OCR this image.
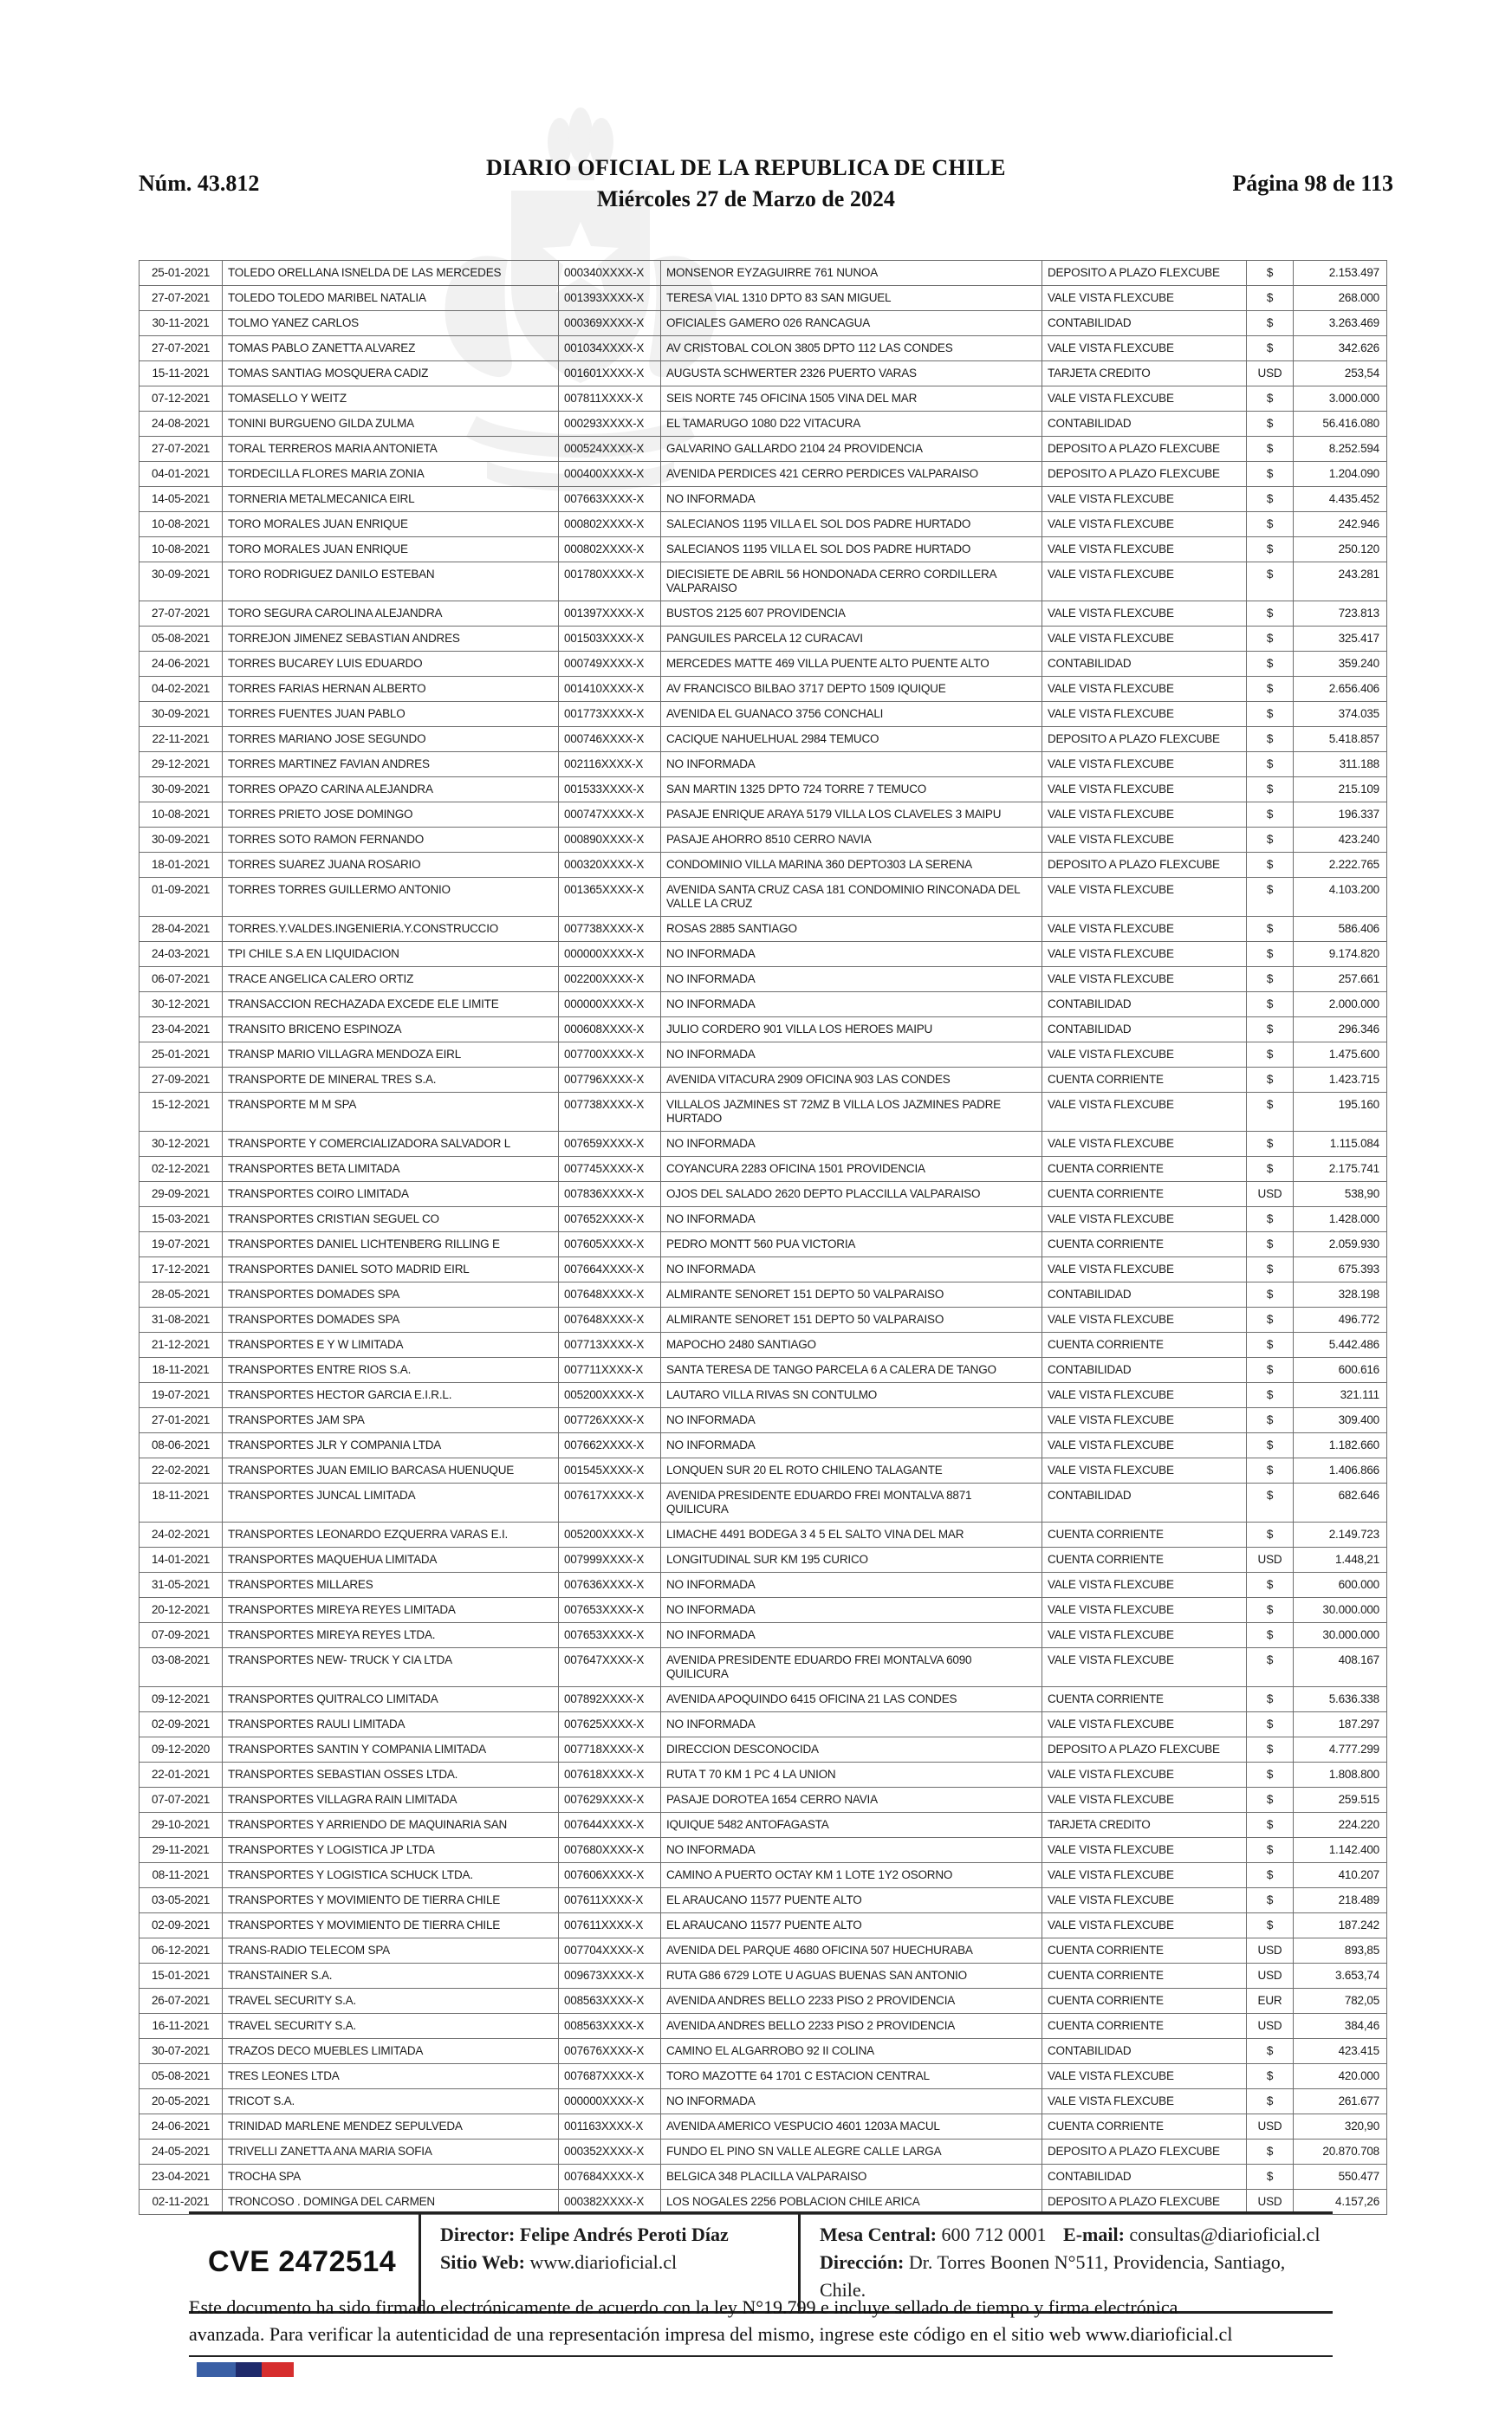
Núm. 43.812
DIARIO OFICIAL DE LA REPUBLICA DE CHILE
Miércoles 27 de Marzo de 2024
Página 98 de 113
25-01-2021	TOLEDO ORELLANA ISNELDA DE LAS MERCEDES	000340XXXX-X	MONSENOR EYZAGUIRRE 761 NUNOA	DEPOSITO A PLAZO FLEXCUBE	$	2.153.497
27-07-2021	TOLEDO TOLEDO MARIBEL NATALIA	001393XXXX-X	TERESA VIAL 1310 DPTO 83 SAN MIGUEL	VALE VISTA FLEXCUBE	$	268.000
30-11-2021	TOLMO YANEZ CARLOS	000369XXXX-X	OFICIALES GAMERO 026 RANCAGUA	CONTABILIDAD	$	3.263.469
27-07-2021	TOMAS PABLO ZANETTA ALVAREZ	001034XXXX-X	AV CRISTOBAL COLON 3805 DPTO 112 LAS CONDES	VALE VISTA FLEXCUBE	$	342.626
15-11-2021	TOMAS SANTIAG MOSQUERA CADIZ	001601XXXX-X	AUGUSTA SCHWERTER 2326 PUERTO VARAS	TARJETA CREDITO	USD	253,54
07-12-2021	TOMASELLO Y WEITZ	007811XXXX-X	SEIS NORTE 745 OFICINA 1505 VINA DEL MAR	VALE VISTA FLEXCUBE	$	3.000.000
24-08-2021	TONINI BURGUENO GILDA ZULMA	000293XXXX-X	EL TAMARUGO 1080 D22 VITACURA	CONTABILIDAD	$	56.416.080
27-07-2021	TORAL TERREROS MARIA ANTONIETA	000524XXXX-X	GALVARINO GALLARDO 2104 24 PROVIDENCIA	DEPOSITO A PLAZO FLEXCUBE	$	8.252.594
04-01-2021	TORDECILLA FLORES MARIA ZONIA	000400XXXX-X	AVENIDA PERDICES 421 CERRO PERDICES VALPARAISO	DEPOSITO A PLAZO FLEXCUBE	$	1.204.090
14-05-2021	TORNERIA METALMECANICA EIRL	007663XXXX-X	NO INFORMADA	VALE VISTA FLEXCUBE	$	4.435.452
10-08-2021	TORO MORALES JUAN ENRIQUE	000802XXXX-X	SALECIANOS 1195 VILLA EL SOL DOS PADRE HURTADO	VALE VISTA FLEXCUBE	$	242.946
10-08-2021	TORO MORALES JUAN ENRIQUE	000802XXXX-X	SALECIANOS 1195 VILLA EL SOL DOS PADRE HURTADO	VALE VISTA FLEXCUBE	$	250.120
30-09-2021	TORO RODRIGUEZ DANILO ESTEBAN	001780XXXX-X	DIECISIETE DE ABRIL 56 HONDONADA CERRO CORDILLERA VALPARAISO	VALE VISTA FLEXCUBE	$	243.281
27-07-2021	TORO SEGURA CAROLINA ALEJANDRA	001397XXXX-X	BUSTOS 2125 607 PROVIDENCIA	VALE VISTA FLEXCUBE	$	723.813
05-08-2021	TORREJON JIMENEZ SEBASTIAN ANDRES	001503XXXX-X	PANGUILES PARCELA 12 CURACAVI	VALE VISTA FLEXCUBE	$	325.417
24-06-2021	TORRES BUCAREY LUIS EDUARDO	000749XXXX-X	MERCEDES MATTE 469 VILLA PUENTE ALTO PUENTE ALTO	CONTABILIDAD	$	359.240
04-02-2021	TORRES FARIAS HERNAN ALBERTO	001410XXXX-X	AV FRANCISCO BILBAO 3717 DEPTO 1509 IQUIQUE	VALE VISTA FLEXCUBE	$	2.656.406
30-09-2021	TORRES FUENTES JUAN PABLO	001773XXXX-X	AVENIDA EL GUANACO 3756 CONCHALI	VALE VISTA FLEXCUBE	$	374.035
22-11-2021	TORRES MARIANO JOSE SEGUNDO	000746XXXX-X	CACIQUE NAHUELHUAL 2984 TEMUCO	DEPOSITO A PLAZO FLEXCUBE	$	5.418.857
29-12-2021	TORRES MARTINEZ FAVIAN ANDRES	002116XXXX-X	NO INFORMADA	VALE VISTA FLEXCUBE	$	311.188
30-09-2021	TORRES OPAZO CARINA ALEJANDRA	001533XXXX-X	SAN MARTIN 1325 DPTO 724 TORRE 7 TEMUCO	VALE VISTA FLEXCUBE	$	215.109
10-08-2021	TORRES PRIETO JOSE DOMINGO	000747XXXX-X	PASAJE ENRIQUE ARAYA 5179 VILLA LOS CLAVELES 3 MAIPU	VALE VISTA FLEXCUBE	$	196.337
30-09-2021	TORRES SOTO RAMON FERNANDO	000890XXXX-X	PASAJE AHORRO 8510 CERRO NAVIA	VALE VISTA FLEXCUBE	$	423.240
18-01-2021	TORRES SUAREZ JUANA ROSARIO	000320XXXX-X	CONDOMINIO VILLA MARINA 360 DEPTO303 LA SERENA	DEPOSITO A PLAZO FLEXCUBE	$	2.222.765
01-09-2021	TORRES TORRES GUILLERMO ANTONIO	001365XXXX-X	AVENIDA SANTA CRUZ CASA 181 CONDOMINIO RINCONADA DEL VALLE LA CRUZ	VALE VISTA FLEXCUBE	$	4.103.200
28-04-2021	TORRES.Y.VALDES.INGENIERIA.Y.CONSTRUCCIO	007738XXXX-X	ROSAS 2885 SANTIAGO	VALE VISTA FLEXCUBE	$	586.406
24-03-2021	TPI CHILE S.A EN LIQUIDACION	000000XXXX-X	NO INFORMADA	VALE VISTA FLEXCUBE	$	9.174.820
06-07-2021	TRACE ANGELICA CALERO ORTIZ	002200XXXX-X	NO INFORMADA	VALE VISTA FLEXCUBE	$	257.661
30-12-2021	TRANSACCION RECHAZADA EXCEDE ELE LIMITE	000000XXXX-X	NO INFORMADA	CONTABILIDAD	$	2.000.000
23-04-2021	TRANSITO BRICENO ESPINOZA	000608XXXX-X	JULIO CORDERO 901 VILLA LOS HEROES MAIPU	CONTABILIDAD	$	296.346
25-01-2021	TRANSP MARIO VILLAGRA MENDOZA EIRL	007700XXXX-X	NO INFORMADA	VALE VISTA FLEXCUBE	$	1.475.600
27-09-2021	TRANSPORTE DE MINERAL TRES S.A.	007796XXXX-X	AVENIDA VITACURA 2909 OFICINA 903 LAS CONDES	CUENTA CORRIENTE	$	1.423.715
15-12-2021	TRANSPORTE M M SPA	007738XXXX-X	VILLALOS JAZMINES ST 72MZ B VILLA LOS JAZMINES PADRE HURTADO	VALE VISTA FLEXCUBE	$	195.160
30-12-2021	TRANSPORTE Y COMERCIALIZADORA SALVADOR L	007659XXXX-X	NO INFORMADA	VALE VISTA FLEXCUBE	$	1.115.084
02-12-2021	TRANSPORTES BETA LIMITADA	007745XXXX-X	COYANCURA 2283 OFICINA 1501 PROVIDENCIA	CUENTA CORRIENTE	$	2.175.741
29-09-2021	TRANSPORTES COIRO LIMITADA	007836XXXX-X	OJOS DEL SALADO 2620 DEPTO PLACCILLA VALPARAISO	CUENTA CORRIENTE	USD	538,90
15-03-2021	TRANSPORTES CRISTIAN SEGUEL CO	007652XXXX-X	NO INFORMADA	VALE VISTA FLEXCUBE	$	1.428.000
19-07-2021	TRANSPORTES DANIEL LICHTENBERG RILLING E	007605XXXX-X	PEDRO MONTT 560 PUA VICTORIA	CUENTA CORRIENTE	$	2.059.930
17-12-2021	TRANSPORTES DANIEL SOTO MADRID EIRL	007664XXXX-X	NO INFORMADA	VALE VISTA FLEXCUBE	$	675.393
28-05-2021	TRANSPORTES DOMADES SPA	007648XXXX-X	ALMIRANTE SENORET 151 DEPTO 50 VALPARAISO	CONTABILIDAD	$	328.198
31-08-2021	TRANSPORTES DOMADES SPA	007648XXXX-X	ALMIRANTE SENORET 151 DEPTO 50 VALPARAISO	VALE VISTA FLEXCUBE	$	496.772
21-12-2021	TRANSPORTES E Y W LIMITADA	007713XXXX-X	MAPOCHO 2480 SANTIAGO	CUENTA CORRIENTE	$	5.442.486
18-11-2021	TRANSPORTES ENTRE RIOS S.A.	007711XXXX-X	SANTA TERESA DE TANGO PARCELA 6 A CALERA DE TANGO	CONTABILIDAD	$	600.616
19-07-2021	TRANSPORTES HECTOR GARCIA E.I.R.L.	005200XXXX-X	LAUTARO VILLA RIVAS SN CONTULMO	VALE VISTA FLEXCUBE	$	321.111
27-01-2021	TRANSPORTES JAM SPA	007726XXXX-X	NO INFORMADA	VALE VISTA FLEXCUBE	$	309.400
08-06-2021	TRANSPORTES JLR Y COMPANIA LTDA	007662XXXX-X	NO INFORMADA	VALE VISTA FLEXCUBE	$	1.182.660
22-02-2021	TRANSPORTES JUAN EMILIO BARCASA HUENUQUE	001545XXXX-X	LONQUEN SUR 20 EL ROTO CHILENO TALAGANTE	VALE VISTA FLEXCUBE	$	1.406.866
18-11-2021	TRANSPORTES JUNCAL LIMITADA	007617XXXX-X	AVENIDA PRESIDENTE EDUARDO FREI MONTALVA 8871 QUILICURA	CONTABILIDAD	$	682.646
24-02-2021	TRANSPORTES LEONARDO EZQUERRA VARAS E.I.	005200XXXX-X	LIMACHE 4491 BODEGA 3 4 5 EL SALTO VINA DEL MAR	CUENTA CORRIENTE	$	2.149.723
14-01-2021	TRANSPORTES MAQUEHUA LIMITADA	007999XXXX-X	LONGITUDINAL SUR KM 195 CURICO	CUENTA CORRIENTE	USD	1.448,21
31-05-2021	TRANSPORTES MILLARES	007636XXXX-X	NO INFORMADA	VALE VISTA FLEXCUBE	$	600.000
20-12-2021	TRANSPORTES MIREYA REYES LIMITADA	007653XXXX-X	NO INFORMADA	VALE VISTA FLEXCUBE	$	30.000.000
07-09-2021	TRANSPORTES MIREYA REYES LTDA.	007653XXXX-X	NO INFORMADA	VALE VISTA FLEXCUBE	$	30.000.000
03-08-2021	TRANSPORTES NEW- TRUCK Y CIA LTDA	007647XXXX-X	AVENIDA PRESIDENTE EDUARDO FREI MONTALVA 6090 QUILICURA	VALE VISTA FLEXCUBE	$	408.167
09-12-2021	TRANSPORTES QUITRALCO LIMITADA	007892XXXX-X	AVENIDA APOQUINDO 6415 OFICINA 21 LAS CONDES	CUENTA CORRIENTE	$	5.636.338
02-09-2021	TRANSPORTES RAULI LIMITADA	007625XXXX-X	NO INFORMADA	VALE VISTA FLEXCUBE	$	187.297
09-12-2020	TRANSPORTES SANTIN Y COMPANIA LIMITADA	007718XXXX-X	DIRECCION DESCONOCIDA	DEPOSITO A PLAZO FLEXCUBE	$	4.777.299
22-01-2021	TRANSPORTES SEBASTIAN OSSES LTDA.	007618XXXX-X	RUTA T 70 KM 1 PC 4 LA UNION	VALE VISTA FLEXCUBE	$	1.808.800
07-07-2021	TRANSPORTES VILLAGRA RAIN LIMITADA	007629XXXX-X	PASAJE DOROTEA 1654 CERRO NAVIA	VALE VISTA FLEXCUBE	$	259.515
29-10-2021	TRANSPORTES Y ARRIENDO DE MAQUINARIA SAN	007644XXXX-X	IQUIQUE 5482 ANTOFAGASTA	TARJETA CREDITO	$	224.220
29-11-2021	TRANSPORTES Y LOGISTICA JP LTDA	007680XXXX-X	NO INFORMADA	VALE VISTA FLEXCUBE	$	1.142.400
08-11-2021	TRANSPORTES Y LOGISTICA SCHUCK LTDA.	007606XXXX-X	CAMINO A PUERTO OCTAY KM 1 LOTE 1Y2 OSORNO	VALE VISTA FLEXCUBE	$	410.207
03-05-2021	TRANSPORTES Y MOVIMIENTO DE TIERRA CHILE	007611XXXX-X	EL ARAUCANO 11577 PUENTE ALTO	VALE VISTA FLEXCUBE	$	218.489
02-09-2021	TRANSPORTES Y MOVIMIENTO DE TIERRA CHILE	007611XXXX-X	EL ARAUCANO 11577 PUENTE ALTO	VALE VISTA FLEXCUBE	$	187.242
06-12-2021	TRANS-RADIO TELECOM SPA	007704XXXX-X	AVENIDA DEL PARQUE 4680 OFICINA 507 HUECHURABA	CUENTA CORRIENTE	USD	893,85
15-01-2021	TRANSTAINER S.A.	009673XXXX-X	RUTA G86 6729 LOTE U AGUAS BUENAS SAN ANTONIO	CUENTA CORRIENTE	USD	3.653,74
26-07-2021	TRAVEL SECURITY S.A.	008563XXXX-X	AVENIDA ANDRES BELLO 2233 PISO 2 PROVIDENCIA	CUENTA CORRIENTE	EUR	782,05
16-11-2021	TRAVEL SECURITY S.A.	008563XXXX-X	AVENIDA ANDRES BELLO 2233 PISO 2 PROVIDENCIA	CUENTA CORRIENTE	USD	384,46
30-07-2021	TRAZOS DECO MUEBLES LIMITADA	007676XXXX-X	CAMINO EL ALGARROBO 92 II COLINA	CONTABILIDAD	$	423.415
05-08-2021	TRES LEONES LTDA	007687XXXX-X	TORO MAZOTTE 64 1701 C ESTACION CENTRAL	VALE VISTA FLEXCUBE	$	420.000
20-05-2021	TRICOT S.A.	000000XXXX-X	NO INFORMADA	VALE VISTA FLEXCUBE	$	261.677
24-06-2021	TRINIDAD MARLENE MENDEZ SEPULVEDA	001163XXXX-X	AVENIDA AMERICO VESPUCIO 4601 1203A MACUL	CUENTA CORRIENTE	USD	320,90
24-05-2021	TRIVELLI ZANETTA ANA MARIA SOFIA	000352XXXX-X	FUNDO EL PINO SN VALLE ALEGRE CALLE LARGA	DEPOSITO A PLAZO FLEXCUBE	$	20.870.708
23-04-2021	TROCHA SPA	007684XXXX-X	BELGICA 348 PLACILLA VALPARAISO	CONTABILIDAD	$	550.477
02-11-2021	TRONCOSO . DOMINGA DEL CARMEN	000382XXXX-X	LOS NOGALES 2256 POBLACION CHILE ARICA	DEPOSITO A PLAZO FLEXCUBE	USD	4.157,26
CVE 2472514
Director: Felipe Andrés Peroti Díaz
Sitio Web: www.diarioficial.cl
Mesa Central: 600 712 0001 E-mail: consultas@diarioficial.cl
Dirección: Dr. Torres Boonen N°511, Providencia, Santiago, Chile.
Este documento ha sido firmado electrónicamente de acuerdo con la ley N°19.799 e incluye sellado de tiempo y firma electrónica
avanzada. Para verificar la autenticidad de una representación impresa del mismo, ingrese este código en el sitio web www.diarioficial.cl
